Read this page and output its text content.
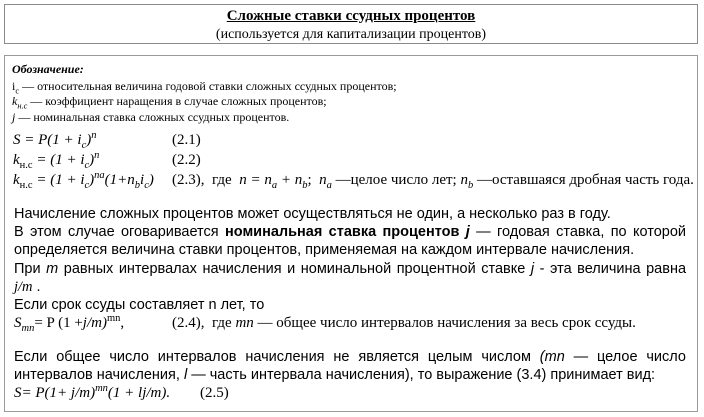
Сложные ставки ссудных процентов
(используется для капитализации процентов)
Обозначение:
$i_c$ — относительная величина годовой ставки сложных ссудных процентов;
$k_{н.с}$ — коэффициент наращения в случае сложных процентов;
j — номинальная ставка сложных ссудных процентов.
$S = P(1 + i_c)^n$	(2.1)
$k_{н.с} = (1 + i_c)^n$	(2.2)
$k_{н.с} = (1 + i_c)^{na}(1+n_bi_c)$ (2.3), где $n = n_a + n_b$; $n_a$ —целое число лет; $n_b$ —оставшаяся дробная часть года.
Начисление сложных процентов может осуществляться не один, а несколько раз в году.
В этом случае оговаривается номинальная ставка процентов j — годовая ставка, по которой
определяется величина ставки процентов, применяемая на каждом интервале начисления.
При m равных интервалах начисления и номинальной процентной ставке j - эта величина равна
j/m .
Если срок ссуды составляет n лет, то
$S_{mn}= P$ $(1 +j/m)^{mn}$,	(2.4), где mn — общее число интервалов начисления за весь срок ссуды.
Если общее число интервалов начисления не является целым числом (mn — целое число
интервалов начисления, l — часть интервала начисления), то выражение (3.4) принимает вид:
$S= P(1+ j/m)^{mn}(1 + lj/m)$. (2.5)
